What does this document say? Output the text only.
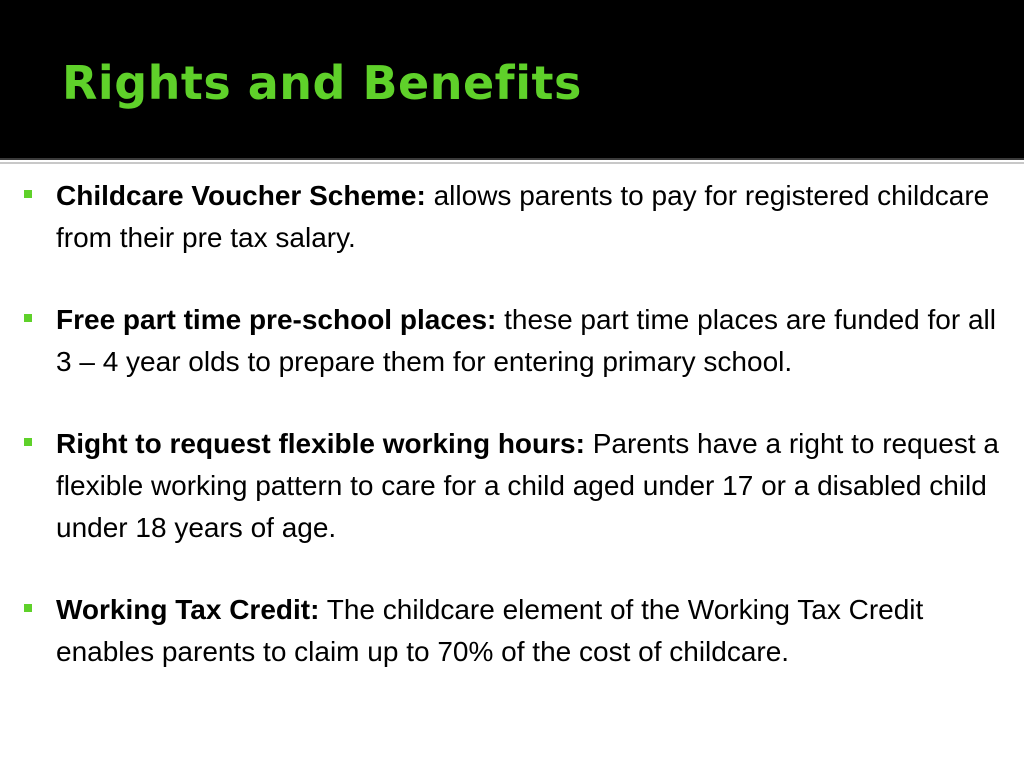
Rights and Benefits
Childcare Voucher Scheme: allows parents to pay for registered childcare from their pre tax salary.
Free part time pre-school places: these part time places are funded for all 3 – 4 year olds to prepare them for entering primary school.
Right to request flexible working hours: Parents have a right to request a flexible working pattern to care for a child aged under 17 or a disabled child under 18 years of age.
Working Tax Credit: The childcare element of the Working Tax Credit enables parents to claim up to 70% of the cost of childcare.
